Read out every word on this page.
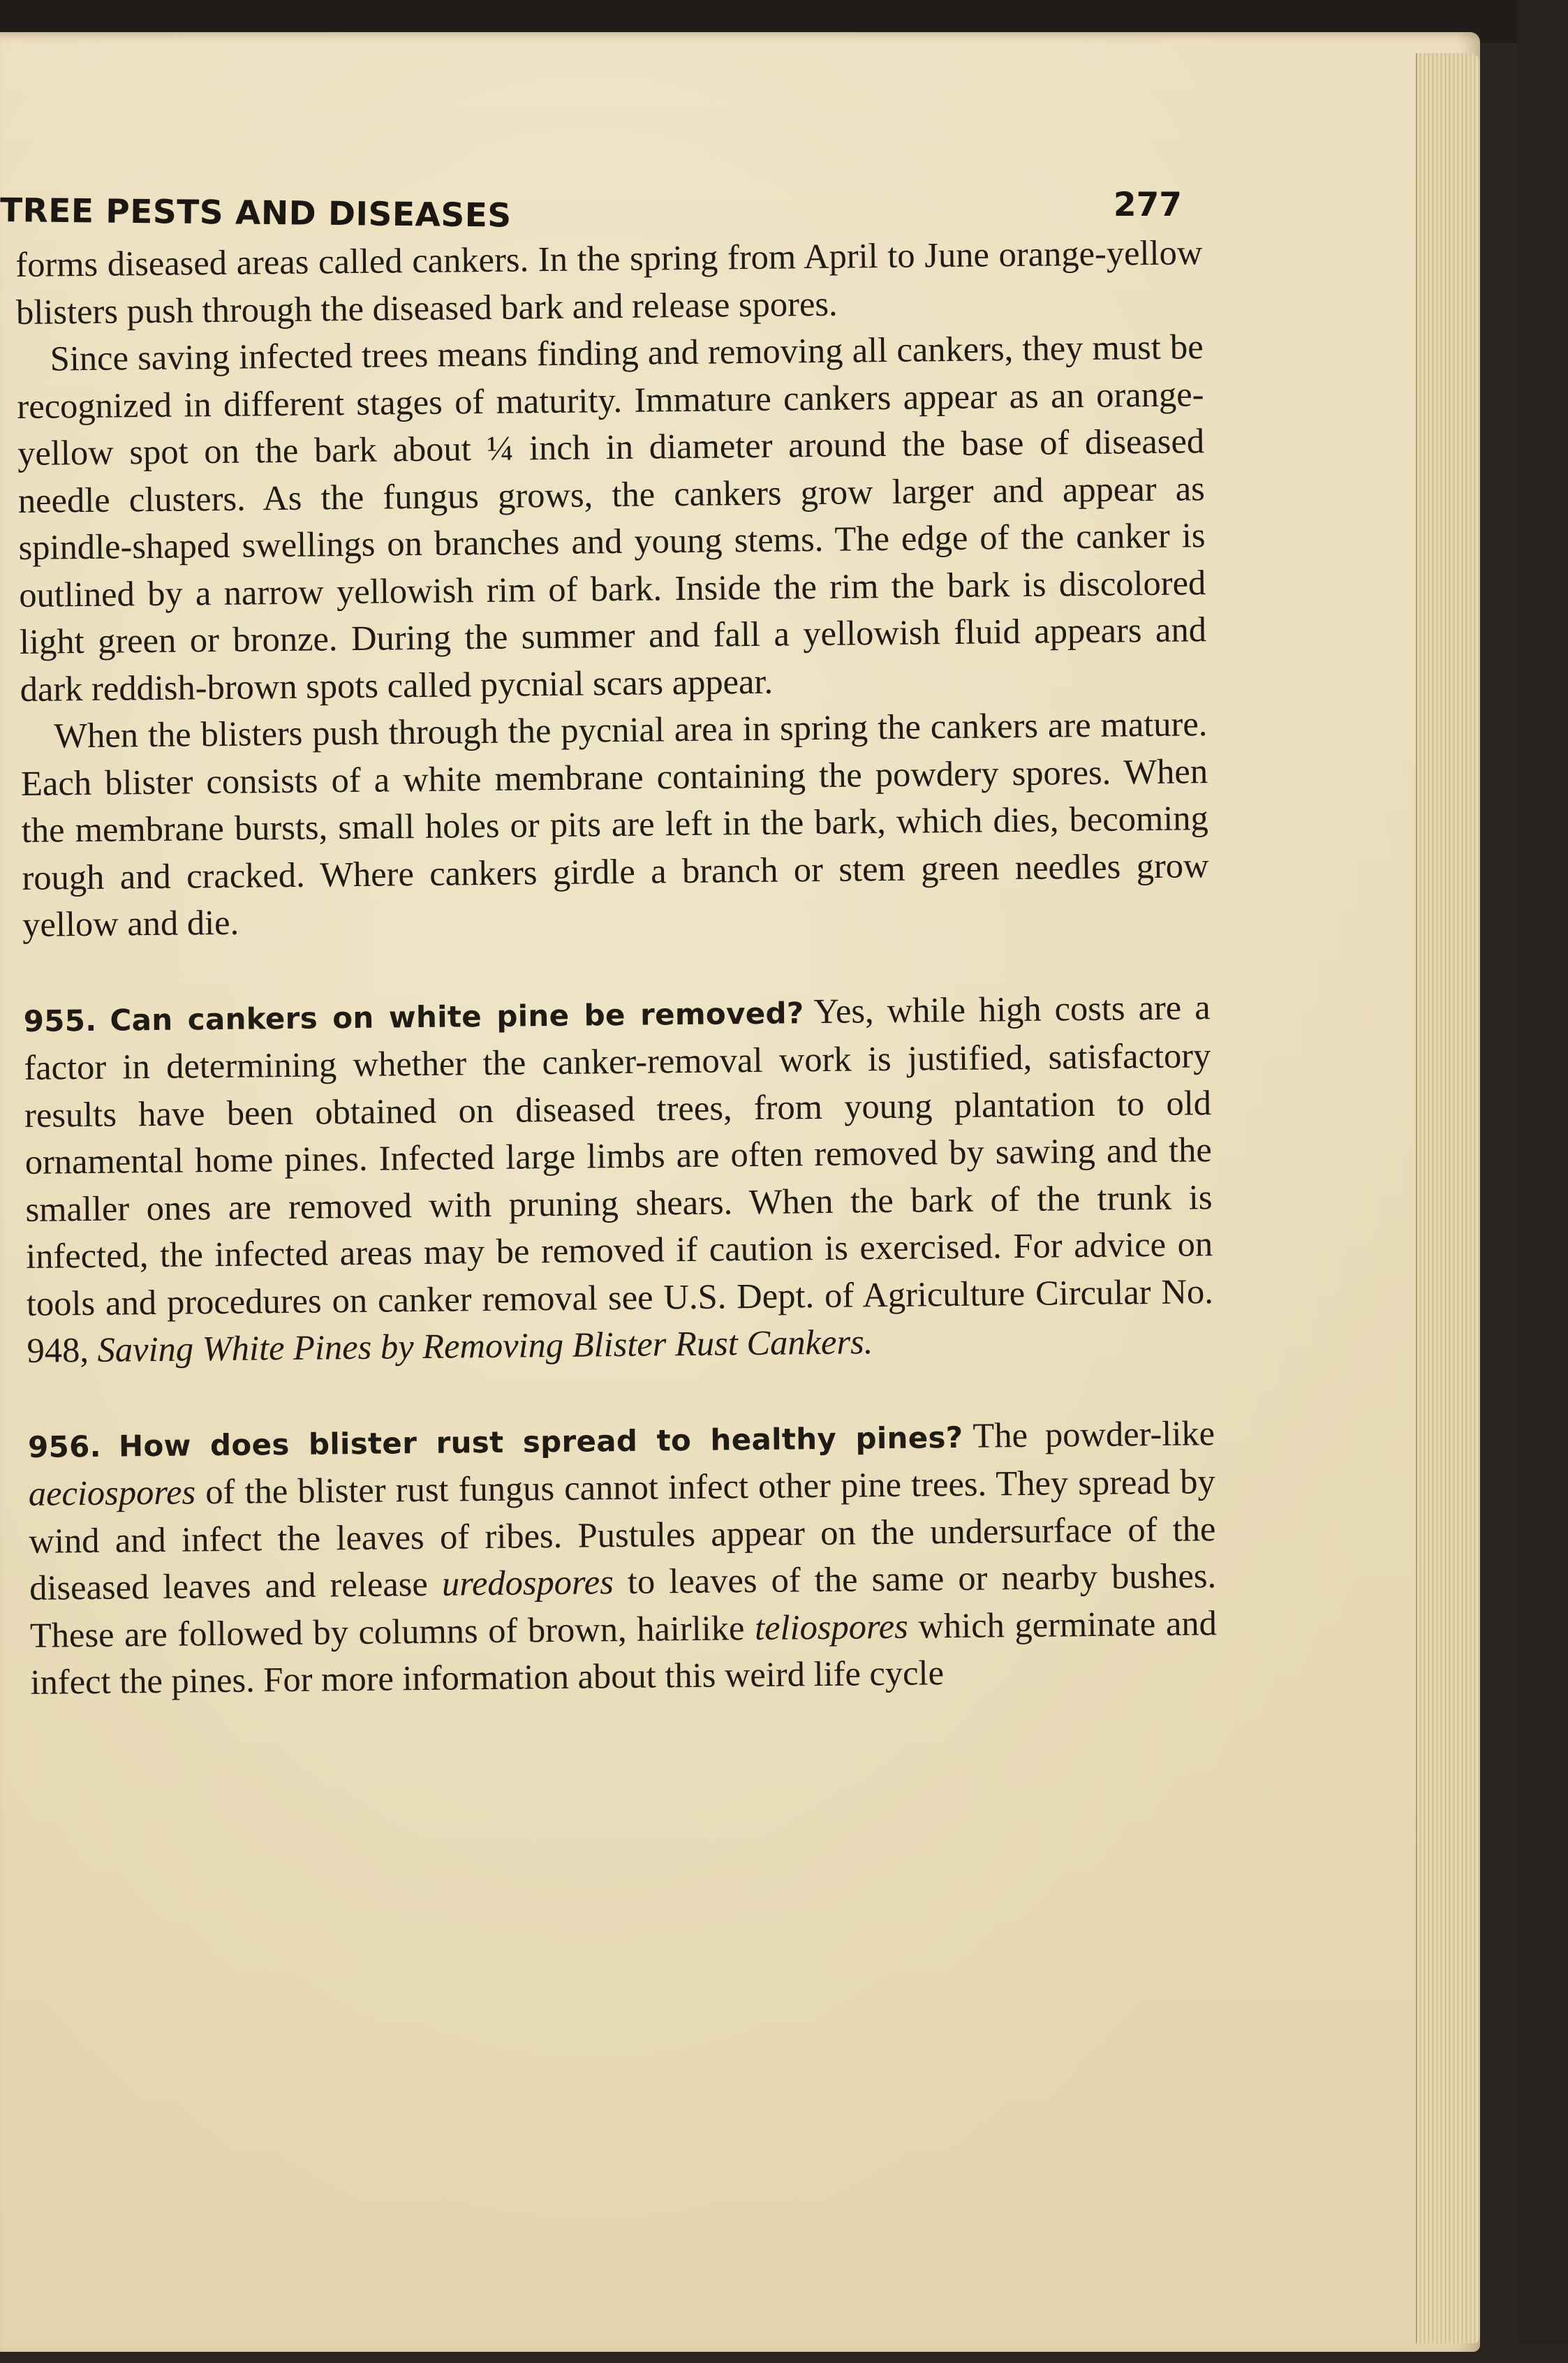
TREE PESTS AND DISEASES	277

forms diseased areas called cankers. In the spring from April to June orange-yellow blisters push through the diseased bark and release spores.

Since saving infected trees means finding and removing all cankers, they must be recognized in different stages of maturity. Immature cankers appear as an orange-yellow spot on the bark about ¼ inch in diameter around the base of diseased needle clusters. As the fungus grows, the cankers grow larger and appear as spindle-shaped swellings on branches and young stems. The edge of the canker is outlined by a narrow yellowish rim of bark. Inside the rim the bark is discolored light green or bronze. During the summer and fall a yellowish fluid appears and dark reddish-brown spots called pycnial scars appear.

When the blisters push through the pycnial area in spring the cankers are mature. Each blister consists of a white membrane containing the powdery spores. When the membrane bursts, small holes or pits are left in the bark, which dies, becoming rough and cracked. Where cankers girdle a branch or stem green needles grow yellow and die.

955. Can cankers on white pine be removed? Yes, while high costs are a factor in determining whether the canker-removal work is justified, satisfactory results have been obtained on diseased trees, from young plantation to old ornamental home pines. Infected large limbs are often removed by sawing and the smaller ones are removed with pruning shears. When the bark of the trunk is infected, the infected areas may be removed if caution is exercised. For advice on tools and procedures on canker removal see U.S. Dept. of Agriculture Circular No. 948, Saving White Pines by Removing Blister Rust Cankers.

956. How does blister rust spread to healthy pines? The powder-like aeciospores of the blister rust fungus cannot infect other pine trees. They spread by wind and infect the leaves of ribes. Pustules appear on the undersurface of the diseased leaves and release uredospores to leaves of the same or nearby bushes. These are followed by columns of brown, hairlike teliospores which germinate and infect the pines. For more information about this weird life cycle
